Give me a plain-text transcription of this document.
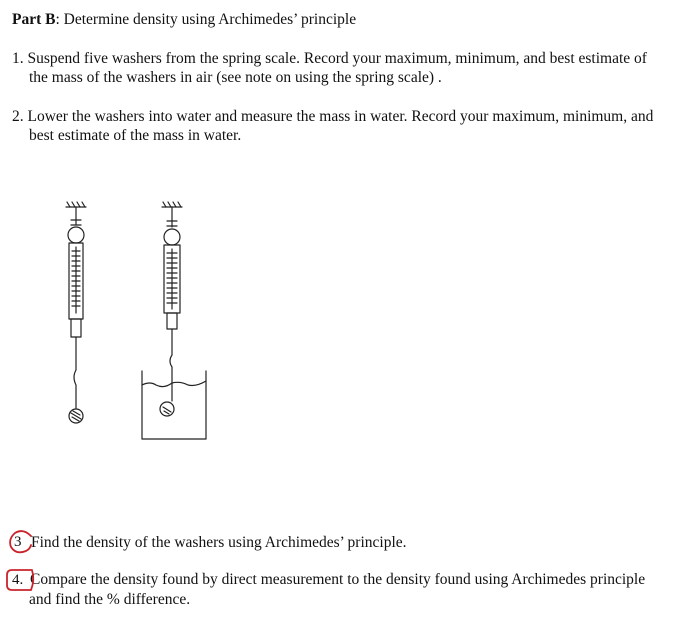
Part B: Determine density using Archimedes’ principle
1. Suspend five washers from the spring scale. Record your maximum, minimum, and best estimate of
the mass of the washers in air (see note on using the spring scale) .
2. Lower the washers into water and measure the mass in water. Record your maximum, minimum, and
best estimate of the mass in water.
Find the density of the washers using Archimedes’ principle.
3
4. Compare the density found by direct measurement to the density found using Archimedes principle
and find the % difference.
